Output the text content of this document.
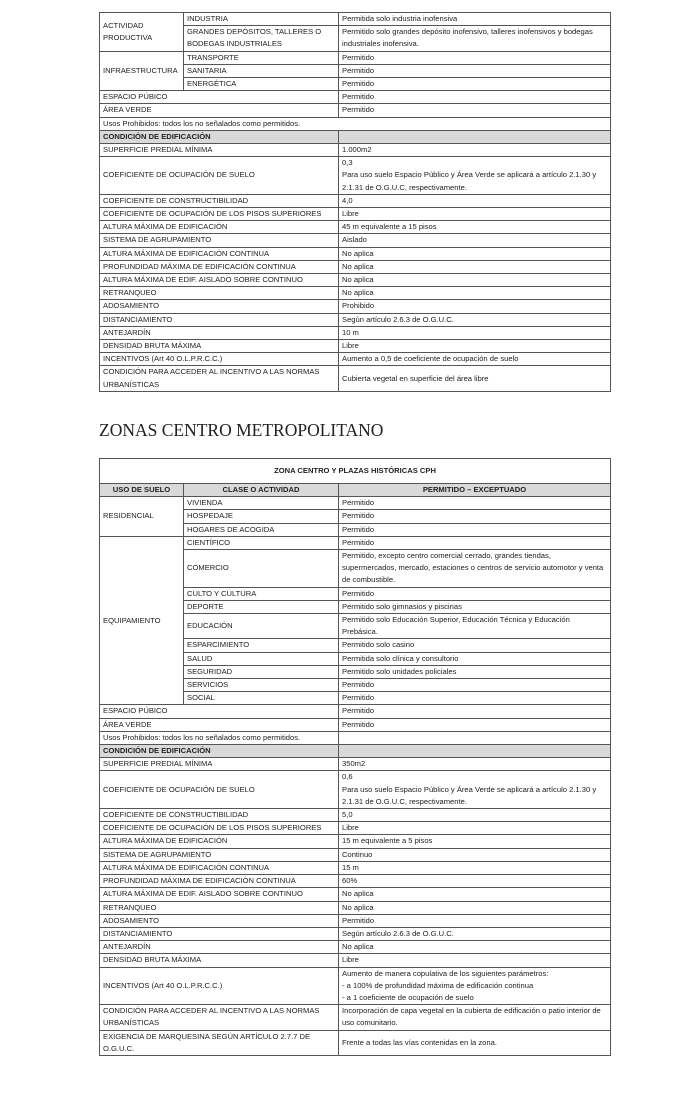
ACTIVIDAD PRODUCTIVA	INDUSTRIA	Permitida solo industria inofensiva
	GRANDES DEPÓSITOS, TALLERES O BODEGAS INDUSTRIALES	Permitido solo grandes depósito inofensivo, talleres inofensivos y bodegas industriales inofensiva.
INFRAESTRUCTURA	TRANSPORTE	Permitido
	SANITARIA	Permitido
	ENERGÉTICA	Permitido
ESPACIO PÚBICO		Permitido
ÁREA VERDE		Permitido
Usos Prohibidos: todos los no señalados como permitidos.		
CONDICIÓN DE EDIFICACIÓN		
SUPERFICIE PREDIAL MÍNIMA		1.000m2
COEFICIENTE DE OCUPACIÓN DE SUELO		0,3
Para uso suelo Espacio Público y Área Verde se aplicará a artículo 2.1.30 y 2.1.31 de O.G.U.C, respectivamente.
COEFICIENTE DE CONSTRUCTIBILIDAD		4,0
COEFICIENTE DE OCUPACIÓN DE LOS PISOS SUPERIORES		Libre
ALTURA MÁXIMA DE EDIFICACIÓN		45 m equivalente a 15 pisos
SISTEMA DE AGRUPAMIENTO		Aislado
ALTURA MÁXIMA DE EDIFICACIÓN CONTINUA		No aplica
PROFUNDIDAD MÁXIMA DE EDIFICACIÓN CONTINUA		No aplica
ALTURA MÁXIMA DE EDIF. AISLADO SOBRE CONTINUO		No aplica
RETRANQUEO		No aplica
ADOSAMIENTO		Prohibido
DISTANCIAMIENTO		Según artículo 2.6.3 de O.G.U.C.
ANTEJARDÍN		10 m
DENSIDAD BRUTA MÁXIMA		Libre
INCENTIVOS (Art 40 O.L.P.R.C.C.)		Aumento a 0,5 de coeficiente de ocupación de suelo
CONDICIÓN PARA ACCEDER AL INCENTIVO A LAS NORMAS URBANÍSTICAS		Cubierta vegetal en superficie del área libre
ZONAS CENTRO METROPOLITANO
ZONA CENTRO Y PLAZAS HISTÓRICAS CPH		
USO DE SUELO	CLASE O ACTIVIDAD	PERMITIDO – EXCEPTUADO
RESIDENCIAL	VIVIENDA	Permitido
	HOSPEDAJE	Permitido
	HOGARES DE ACOGIDA	Permitido
EQUIPAMIENTO	CIENTÍFICO	Permitido
	COMERCIO	Permitido, excepto centro comercial cerrado, grandes tiendas, supermercados, mercado, estaciones o centros de servicio automotor y venta de combustible.
	CULTO Y CULTURA	Permitido
	DEPORTE	Permitido solo gimnasios y piscinas
	EDUCACIÓN	Permitido solo Educación Superior, Educación Técnica y Educación Prebásica.
	ESPARCIMIENTO	Permitido solo casino
	SALUD	Permitida solo clínica y consultorio
	SEGURIDAD	Permitido solo unidades policiales
	SERVICIOS	Permitido
	SOCIAL	Permitido
ESPACIO PÚBICO		Permitido
ÁREA VERDE		Permitido
Usos Prohibidos: todos los no señalados como permitidos.		
CONDICIÓN DE EDIFICACIÓN		
SUPERFICIE PREDIAL MÍNIMA		350m2
COEFICIENTE DE OCUPACIÓN DE SUELO		0,6
Para uso suelo Espacio Público y Área Verde se aplicará a artículo 2.1.30 y 2.1.31 de O.G.U.C, respectivamente.
COEFICIENTE DE CONSTRUCTIBILIDAD		5,0
COEFICIENTE DE OCUPACIÓN DE LOS PISOS SUPERIORES		Libre
ALTURA MÁXIMA DE EDIFICACIÓN		15 m equivalente a 5 pisos
SISTEMA DE AGRUPAMIENTO		Continuo
ALTURA MÁXIMA DE EDIFICACIÓN CONTINUA		15 m
PROFUNDIDAD MÁXIMA DE EDIFICACIÓN CONTINUA		60%
ALTURA MÁXIMA DE EDIF. AISLADO SOBRE CONTINUO		No aplica
RETRANQUEO		No aplica
ADOSAMIENTO		Permitido
DISTANCIAMIENTO		Según artículo 2.6.3 de O.G.U.C.
ANTEJARDÍN		No aplica
DENSIDAD BRUTA MÁXIMA		Libre
INCENTIVOS (Art 40 O.L.P.R.C.C.)		Aumento de manera copulativa de los siguientes parámetros:
- a 100% de profundidad máxima de edificación continua
- a 1 coeficiente de ocupación de suelo
CONDICIÓN PARA ACCEDER AL INCENTIVO A LAS NORMAS URBANÍSTICAS		Incorporación de capa vegetal en la cubierta de edificación o patio interior de uso comunitario.
EXIGENCIA DE MARQUESINA SEGÚN ARTÍCULO 2.7.7 DE O.G.U.C.		Frente a todas las vías contenidas en la zona.
